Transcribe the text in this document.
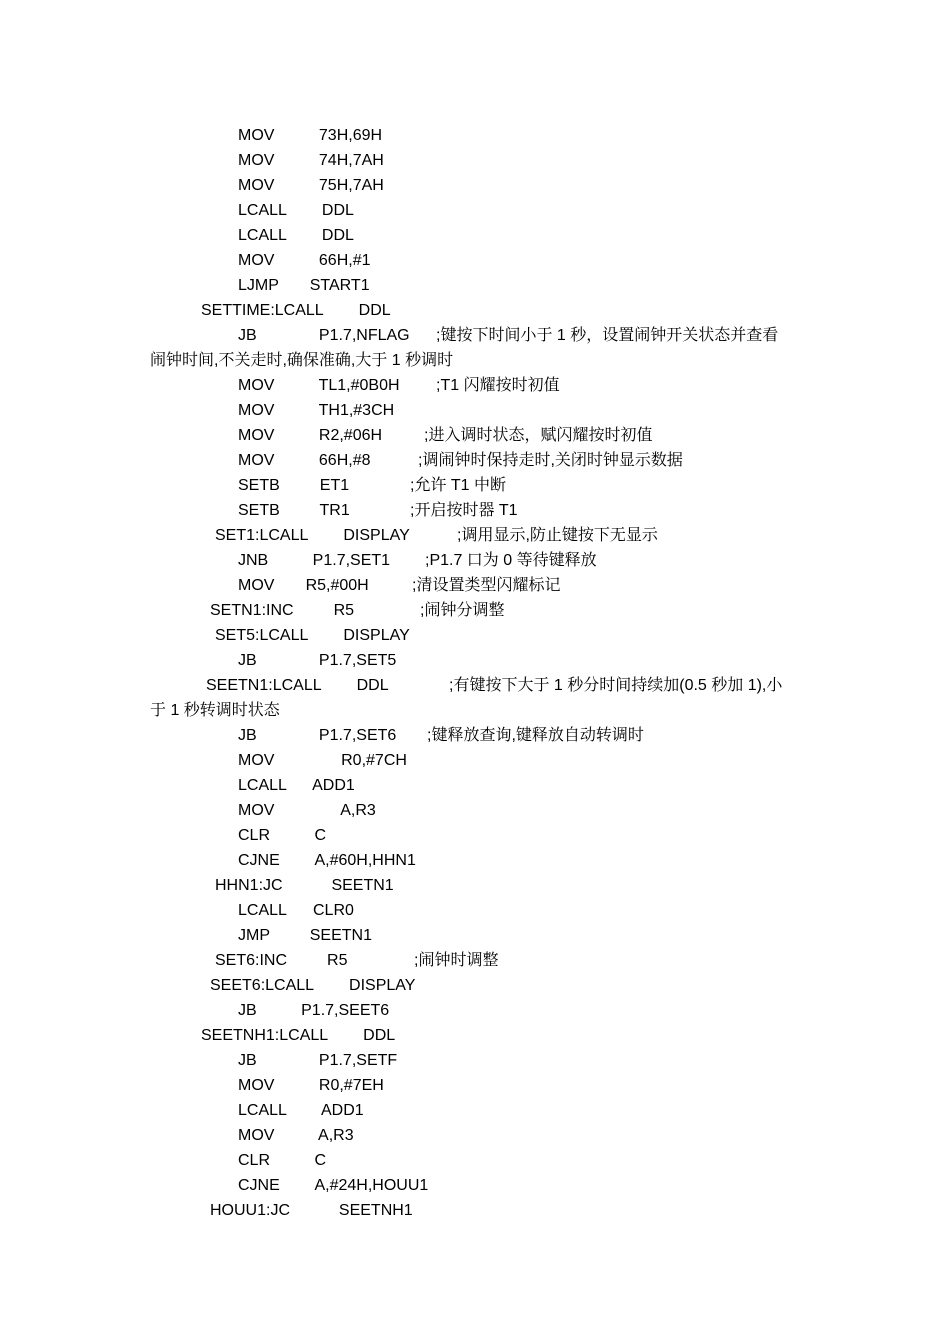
MOV          73H,69H
MOV          74H,7AH
MOV          75H,7AH
LCALL        DDL
LCALL        DDL
MOV          66H,#1
LJMP       START1
SETTIME:LCALL        DDL
JB              P1.7,NFLAG ;键按下时间小于 1 秒，设置闹钟开关状态并查看
闹钟时间,不关走时,确保准确,大于 1 秒调时
MOV          TL1,#0B0H ;T1 闪耀按时初值
MOV          TH1,#3CH
MOV          R2,#06H	;进入调时状态，赋闪耀按时初值
MOV          66H,#8	;调闹钟时保持走时,关闭时钟显示数据
SETB         ET1	;允许 T1 中断
SETB         TR1	;开启按时器 T1
SET1:LCALL        DISPLAY	;调用显示,防止键按下无显示
JNB          P1.7,SET1 ;P1.7 口为 0 等待键释放
MOV       R5,#00H	;清设置类型闪耀标记
SETN1:INC         R5	;闹钟分调整
SET5:LCALL        DISPLAY
JB              P1.7,SET5
SEETN1:LCALL        DDL	;有键按下大于 1 秒分时间持续加(0.5 秒加 1),小
于 1 秒转调时状态
JB              P1.7,SET6 ;键释放查询,键释放自动转调时
MOV               R0,#7CH
LCALL      ADD1
MOV               A,R3
CLR          C
CJNE        A,#60H,HHN1
HHN1:JC           SEETN1
LCALL      CLR0
JMP         SEETN1
SET6:INC         R5	;闹钟时调整
SEET6:LCALL        DISPLAY
JB          P1.7,SEET6
SEETNH1:LCALL        DDL
JB              P1.7,SETF
MOV          R0,#7EH
LCALL        ADD1
MOV          A,R3
CLR          C
CJNE        A,#24H,HOUU1
HOUU1:JC           SEETNH1
